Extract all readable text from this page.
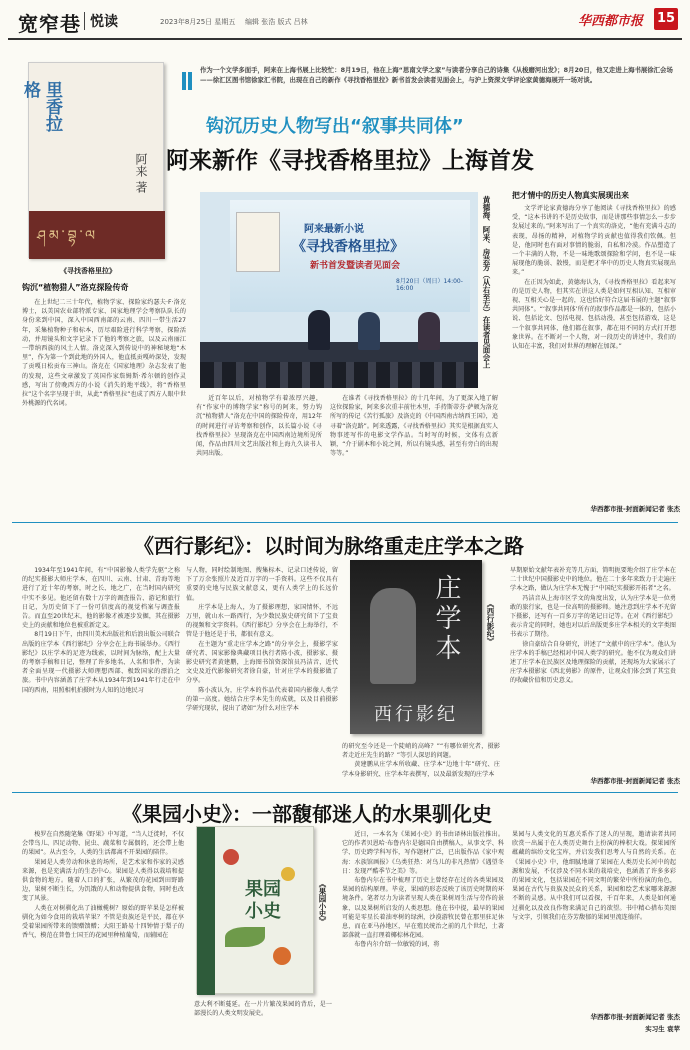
宽窄巷 悦读	2023年8月25日 星期五 编辑 张浩 版式 吕林	华西都市报 15
里香拉格
阿来 著
ཤམ་བྷ་ལ
《寻找香格里拉》
作为一个文学多面手，阿来在上海书展上比较忙：8月19日，他在上海“思南文学之家”与读者分享自己的诗集《从梭磨河出发》；8月20日，他又走进上海书展徐汇会场——徐汇区图书馆徐家汇书院，出现在自己的新作《寻找香格里拉》新书首发会读者见面会上，与沪上资深文学评论家黄德海展开一场对谈。
钩沉历史人物写出“叙事共同体”
阿来新作《寻找香格里拉》上海首发
阿来最新小说
《寻找香格里拉》
新书首发暨读者见面会
8月20日（周日）14:00-16:00	黄德海、阿来、房芸芳（从右至左）在读者见面会上
钩沉“植物猎人”洛克探险传奇

在上世纪二三十年代，植物学家、探险家约瑟夫·F·洛克博士，以美国农业部特派专家、国家地理学会考察队队长的身份来到中国，深入中国西南部的云南、四川一带生活27年，采集植物种子和标本，历尽艰险进行科学考察，探险活动，并用镜头和文字记录下了他的考察之旅，以及云南丽江一带纳西族的风土人情。洛克深入到传说中的神秘境地“木里”，作为第一个到此地的外国人，他直抵贡嘎岭深处，发现了贡嘎日松贡布三神山。洛克在《国家地理》杂志发表了他的发现，这些文章激发了英国作家詹姆斯·希尔顿的创作灵感，写出了傍晚西方的小说《消失的地平线》，将“香格里拉”这个名字呈现于世，从此“香格里拉”也成了西方人眼中世外桃源的代名词。

近百年以后，对植物学有着浓厚兴趣，有“作家中的博物学家”称号的阿来，努力钩沉“植物猎人”洛克在中国的探险传奇，用12年的时间进行寻访考察和创作，以长篇小说《寻找香格里拉》呈现洛克在中国西南边境所见所闻，作品由四川文艺出版社和上海九久读书人共同出版。

在谁者《寻找香格里拉》的十几年间，为了更深入地了解这位探险家，阿来多次重丰前往木里，手持斯蒂芬·萨顿为洛克所写的传记《苦行孤旅》及洛克的《中国西南古纳西王国》，追寻着“洛克路”。阿来透露，《寻找香格里拉》其实是根据真实人物事迹写作的电影文学作品。当时写的时候，文体有点新颖，“介于剧本和小说之间，所以有镜头感，甚至有旁白的出现等等。”

把才情中的历史人物真实展现出来

文学评论家黄德海分享了他阅读《寻找香格里拉》的感受，“这本书讲的不是历史故事，而是讲那些事情怎么一步步发展过来的。”阿来写出了一个真实的洛克，“他有充满斗志的表现，昂扬的精神，对植物学的贡献也值得我们钦佩。但是，他同时也有面对事情的脆弱，自私和冷漠。作品塑造了一个丰满的人物，不是一味地歌颂探险和学问，也不是一味展现他的脆弱、散慢，而是把才华中的历史人物真实展现出来。”

在正因为如此，黄德海认为，《寻找香格里拉》看起来写的是历史人物，但其实在讲这人类是如何互相认知、互相审视、互相关心是一起的，这也恰好符合这届书展的主题“叙事共同体”。“‘叙事共同体’所有的叙事作品都是一体的，包括小说、包括论文、包括电视、包括动漫，甚至包括游戏，这是一个叙事共同体，他们都在叙事，都在用不同的方式打开想象世界。在不断对一个人物，对一段历史的讲述中，我们的认知在丰富，我们对世界的理解在加深。”

华西都市报-封面新闻记者 张杰
《西行影纪》：以时间为脉络重走庄学本之路

1934年至1941年间，有“中国影像人类学先驱”之称的纪实摄影大师庄学本，在四川、云南、甘肃、青海等地进行了近十年的考察，时之长、地之广，在当时国内研究中实不多见。他还留有数十万字的调查报告、游记和旅行日记，为历史留下了一份可信度高的视觉档案与调查报告。而直至20世纪末，他的影像才被逐步发掘，其在摄影史上的贡献和地位也被重新定义。

8月19日下午，由四川美术出版社和后浪出版公司联合出版的庄学本《西行影纪》分享会在上海书展举办。《西行影纪》以庄学本的足迹为线索，以时间为脉络，配上大量的考察手稿和日记，整理了许多地名、人名和事件，为读者全面呈现一代摄影大师理想西部、极致国家的漂泊之旅。书中内容涵盖了庄学本从1934年到1941年行走在中国的西南，用照相机拍摄时为人知的边地民习

与人物，同时绘制地图、搜集标本、记录口述传说，留下了万余张照片及近百万字的一手资料。这些不仅具有重要的史地与民族文献意义，更有人类学上的长远价值。

庄学本是上海人，为了摄影理想，家国情怀，不远万里，就山水一路西行，为少数民族史研究留下了宝贵的视频和文字资料。《西行影纪》分享会在上海举行，不管是于他还是于书，都很有意义。

在主题为“重走庄学本之路”的分享会上，摄影学家研究者、国家影像典藏项目执行者陈小波，摄影家、摄影史研究者黄建鹏，上海图书馆资深馆员冯洁音，近代文史及近代影像研究者徐自豪，针对庄学本的摄影做了分享。

陈小波认为，庄学本的作品代表着国内影像人类学的第一高度。她结合庄学本先生的成就，以及目前摄影学研究现状，提出了诸如“为什么对庄学本

庄学本
西行影纪
《西行影纪》

的研究至今还是一个陡峭的高峰？”“有哪位研究者，摄影者走近庄先生的路？”等引人深思的问题。

黄建鹏从庄学本所收藏、庄学本“边地十年”研究、庄学本身影研究、庄学本年表撰写，以及最新发现的庄学本

早期原始文献年表补充等几方面，简明扼要地介绍了庄学本在二十世纪中国摄影史中的地位。他在二十多年来致力于走遍庄学本之路，做认为庄学本无愧于“中国纪实摄影开拓者”之名。

冯洁音从上海市区学文的角度出发，认为庄学本是一位勇敢的旅行家，也是一位高明的摄影师。她注意到庄学本不光留下摄影，还写有一百多万字的笔记日记等。在对《西行影纪》表示肯定的同时，她也对以后出版更多庄学本相关的文字类图书表示了期待。

徐自豪结合自身研究，讲述了“文献中的庄学本”。他认为庄学本的手稿已经相对中国人类学的研究。他不仅为观众们讲述了庄学本在民族区及地理探险的贡献，还现场为大家展示了庄学本摄影家《西北剪影》的原件，让观众们体会到了其宝贵的收藏价值和历史意义。

华西都市报-封面新闻记者 张杰
《果园小史》：一部馥郁迷人的水果驯化史

梭罗在自然随笔集《野果》中写道，“当人迁徙时，不仅会带鸟儿、四足动物、昆虫、蔬菜和专属偶的，还会带上他的果园”。从古至今，人类的生活都离不开果园的陪伴。

果园是人类劳动和休息的场所，是艺术家和作家的灵感来源，也是充满活力的生态中心。果园是人类得以栽培和提供食物的地方。随着人口的扩张，从繁茂的花园到田野路边，果树不断生长，为饥饿的人和动物提供食物，同时也改变了风景。

人类在对树驯化出了油橄榄树？原始的野苹果是怎样被驯化为如今食用的栽培苹果？不管是贵族还是平民，都在享受着果园所带来的馈赠馈赠；大阳王路易十四钟情于梨子的香气，模范在普鲁士国王的花园里种植葡萄，而辅园在

果园小史	《果园小史》

意大利不断蔓延。在一片片繁茂果园的背后，是一部漫长的人类文明发展史。

近日，一本名为《果园小史》的书由译林出版社推出。它的作者贝恩哈·布鲁内尔是德国自由撰稿人，从事文学、科学、历史跨学科写作，写作题材广泛，已出版作品《家中观海：水族馆画报》《乌类狂热：对鸟儿的非凡热情》《遇望冬日：发现严酷季节之美》等。

布鲁内尔在书中梳理了历史上曾经存在过的各类果园及果园的结构原理。毕竟，果园的形态反映了该历史时期的环境条件。笔者尽力为读者呈现人类在果树周生活与劳作的景象，以及果树所启发的人类思想。他在书中提，最早的果园可能是零星长着油枣树的绿洲，沙漠游牧民曾在那里驻足休息，而在亚马孙地区，早在殖民统治之前的几个世纪，土著部落就一直打理着椰棕林花园。

布鲁内尔介绍一位敏锐的词，将

果园与人类文化的互惠关系作了迷人的呈现，邀请读者共同欣赏一出属于在人类历史舞台上扮演的棒积大戏。探果园所蕴藏的缤纷文化宝库，并启发我们思考人与自然的关系。在《果园小史》中，他细腻地谢了果园在人类历史长河中的起源和发展，不仅涉及不同水果的栽培史，也涵盖了许多多彩的果园文化，包括果园在不同文明的繁荣中所扮演的角色，果园在古代与贵族及民众的关系，果园和绘艺术家哪来源源不断的灵感。从中我们可以看探，千百年来，人类是如何通过驯化以及改良作物来满足自己的欲望。书中精心措布美图与文字，引领我们在芬芳馥郁的果园里流连徜徉。

华西都市报-封面新闻记者 张杰
实习生 袁苹
